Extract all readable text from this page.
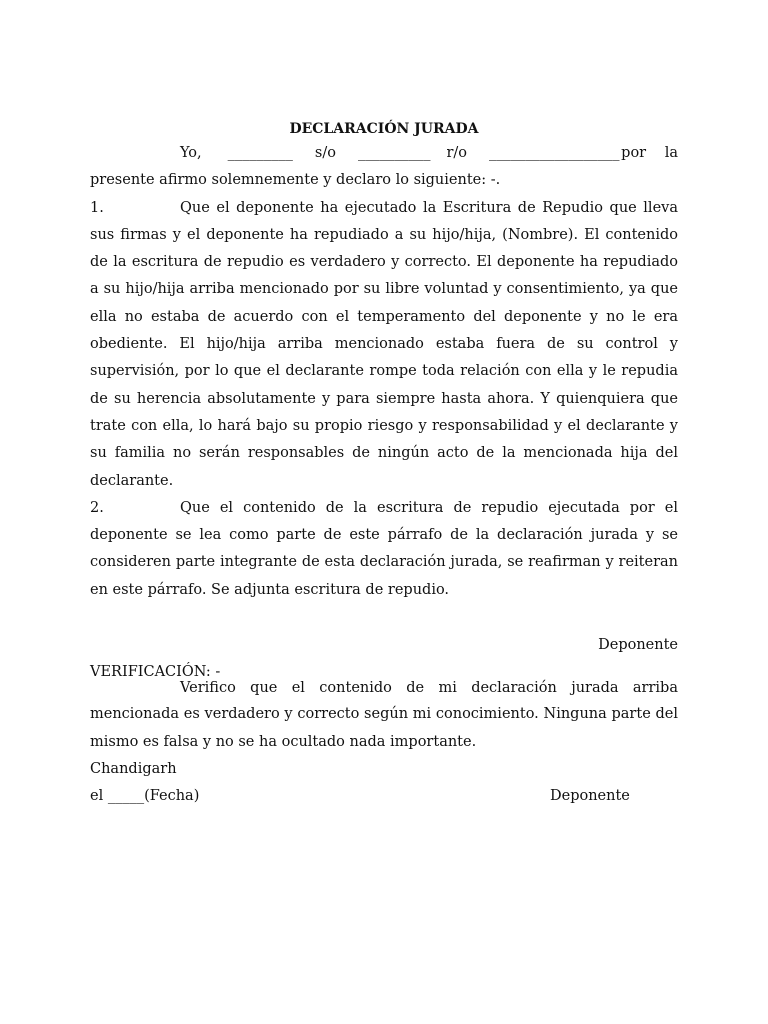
DECLARACIÓN JURADA

Yo, _________ s/o __________ r/o __________________ por la
presente afirmo solemnemente y declaro lo siguiente: -.
1.	Que el deponente ha ejecutado la Escritura de Repudio que lleva
sus firmas y el deponente ha repudiado a su hijo/hija, (Nombre). El contenido de la escritura de repudio es verdadero y correcto. El deponente ha repudiado a su hijo/hija arriba mencionado por su libre voluntad y consentimiento, ya que ella no estaba de acuerdo con el temperamento del deponente y no le era obediente. El hijo/hija arriba mencionado estaba fuera de su control y supervisión, por lo que el declarante rompe toda relación con ella y le repudia de su herencia absolutamente y para siempre hasta ahora. Y quienquiera que trate con ella, lo hará bajo su propio riesgo y responsabilidad y el declarante y su familia no serán responsables de ningún acto de la mencionada hija del declarante.
2.	Que el contenido de la escritura de repudio ejecutada por el
deponente se lea como parte de este párrafo de la declaración jurada y se consideren parte integrante de esta declaración jurada, se reafirman y reiteran en este párrafo. Se adjunta escritura de repudio.
Deponente
VERIFICACIÓN: -
Verifico que el contenido de mi declaración jurada arriba
mencionada es verdadero y correcto según mi conocimiento. Ninguna parte del mismo es falsa y no se ha ocultado nada importante.
Chandigarh
el _____(Fecha)	Deponente
